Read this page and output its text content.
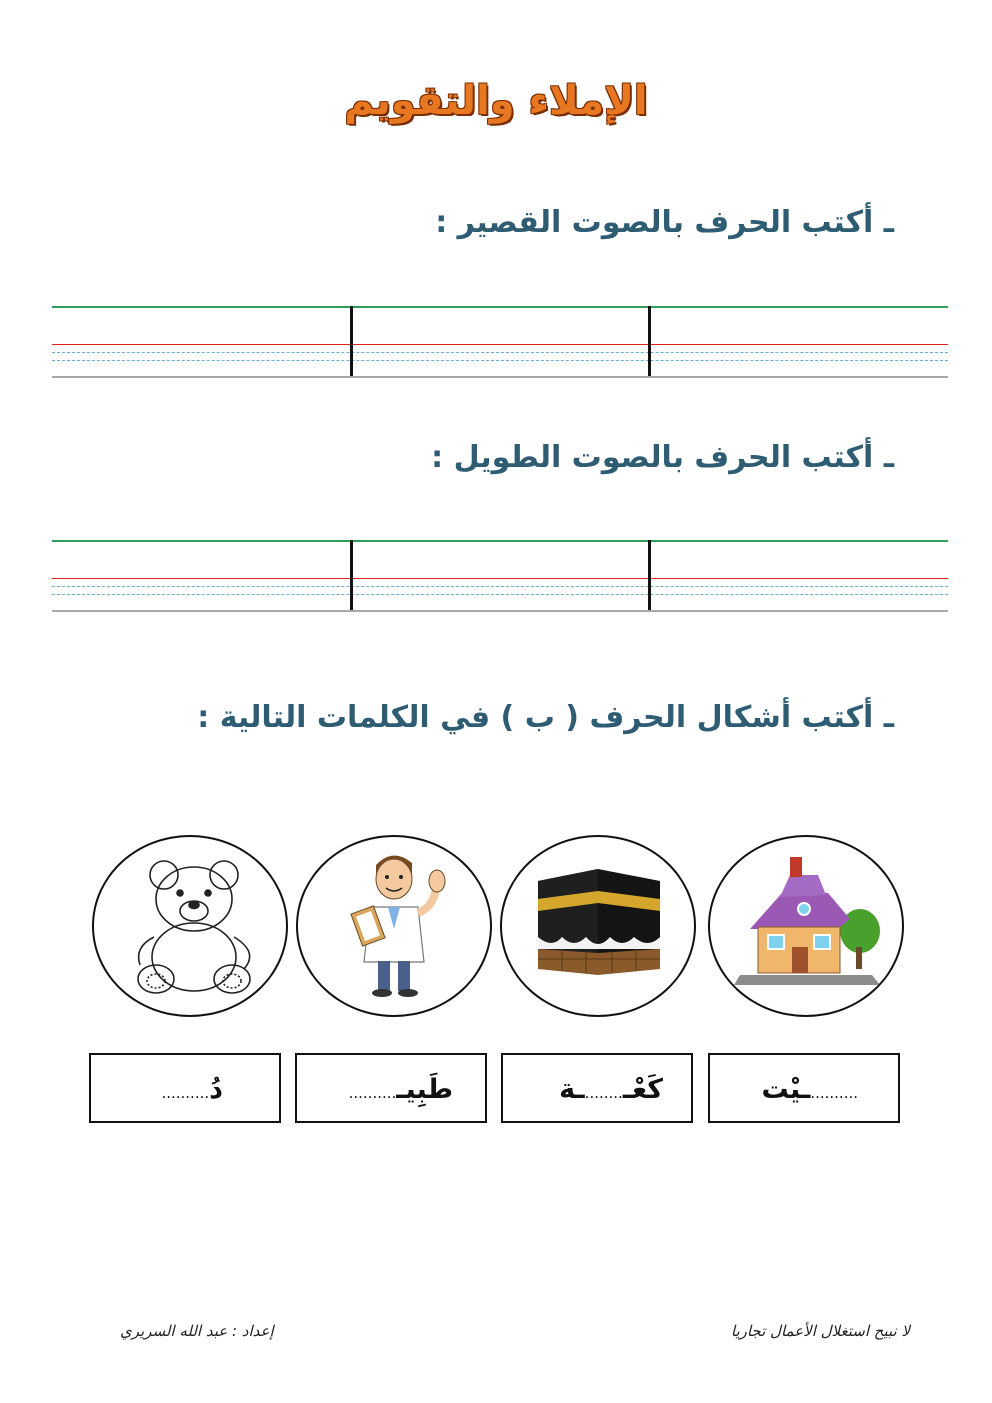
الإملاء والتقويم
ـ أكتب الحرف بالصوت القصير :
ـ أكتب الحرف بالصوت الطويل :
ـ أكتب أشكال الحرف ( ب ) في الكلمات التالية :
دُ..........	طَبِيـ..........	كَعْـ........ـة	..........ـيْت
إعداد : عبد الله السريري	لا نبيح استغلال الأعمال تجاريا
